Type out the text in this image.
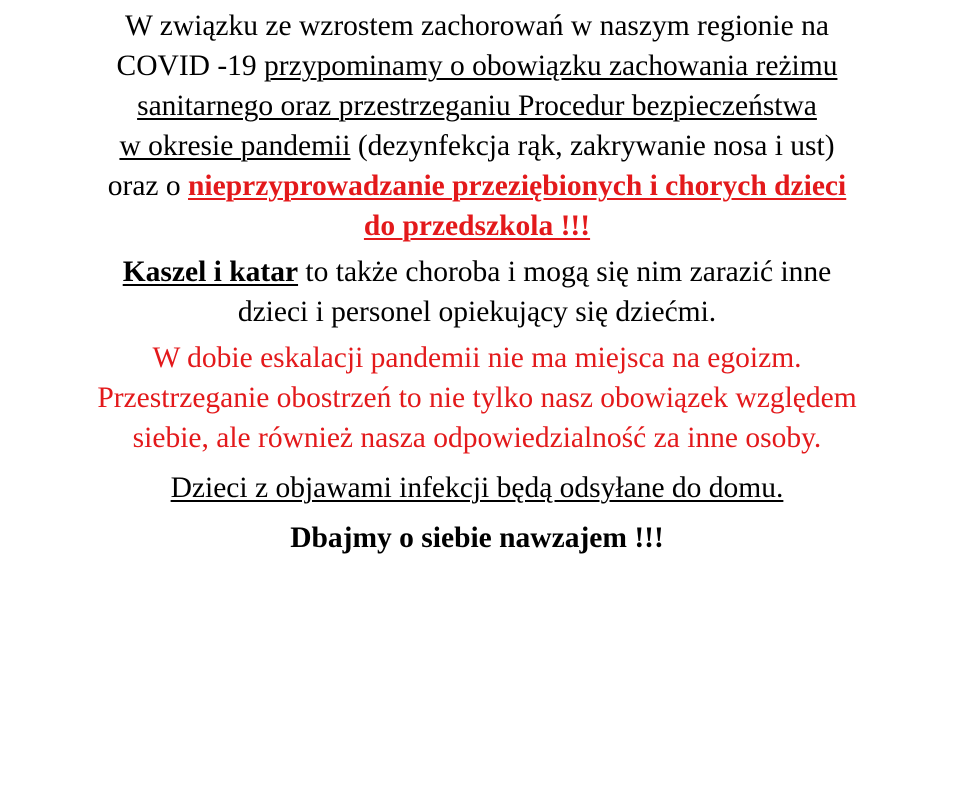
W związku ze wzrostem zachorowań w naszym regionie na
COVID -19 przypominamy o obowiązku zachowania reżimu
sanitarnego oraz przestrzeganiu Procedur bezpieczeństwa
w okresie pandemii (dezynfekcja rąk, zakrywanie nosa i ust)
oraz o nieprzyprowadzanie przeziębionych i chorych dzieci
do przedszkola !!!

Kaszel i katar to także choroba i mogą się nim zarazić inne
dzieci i personel opiekujący się dziećmi.

W dobie eskalacji pandemii nie ma miejsca na egoizm.
Przestrzeganie obostrzeń to nie tylko nasz obowiązek względem
siebie, ale również nasza odpowiedzialność za inne osoby.

Dzieci z objawami infekcji będą odsyłane do domu.

Dbajmy o siebie nawzajem !!!
